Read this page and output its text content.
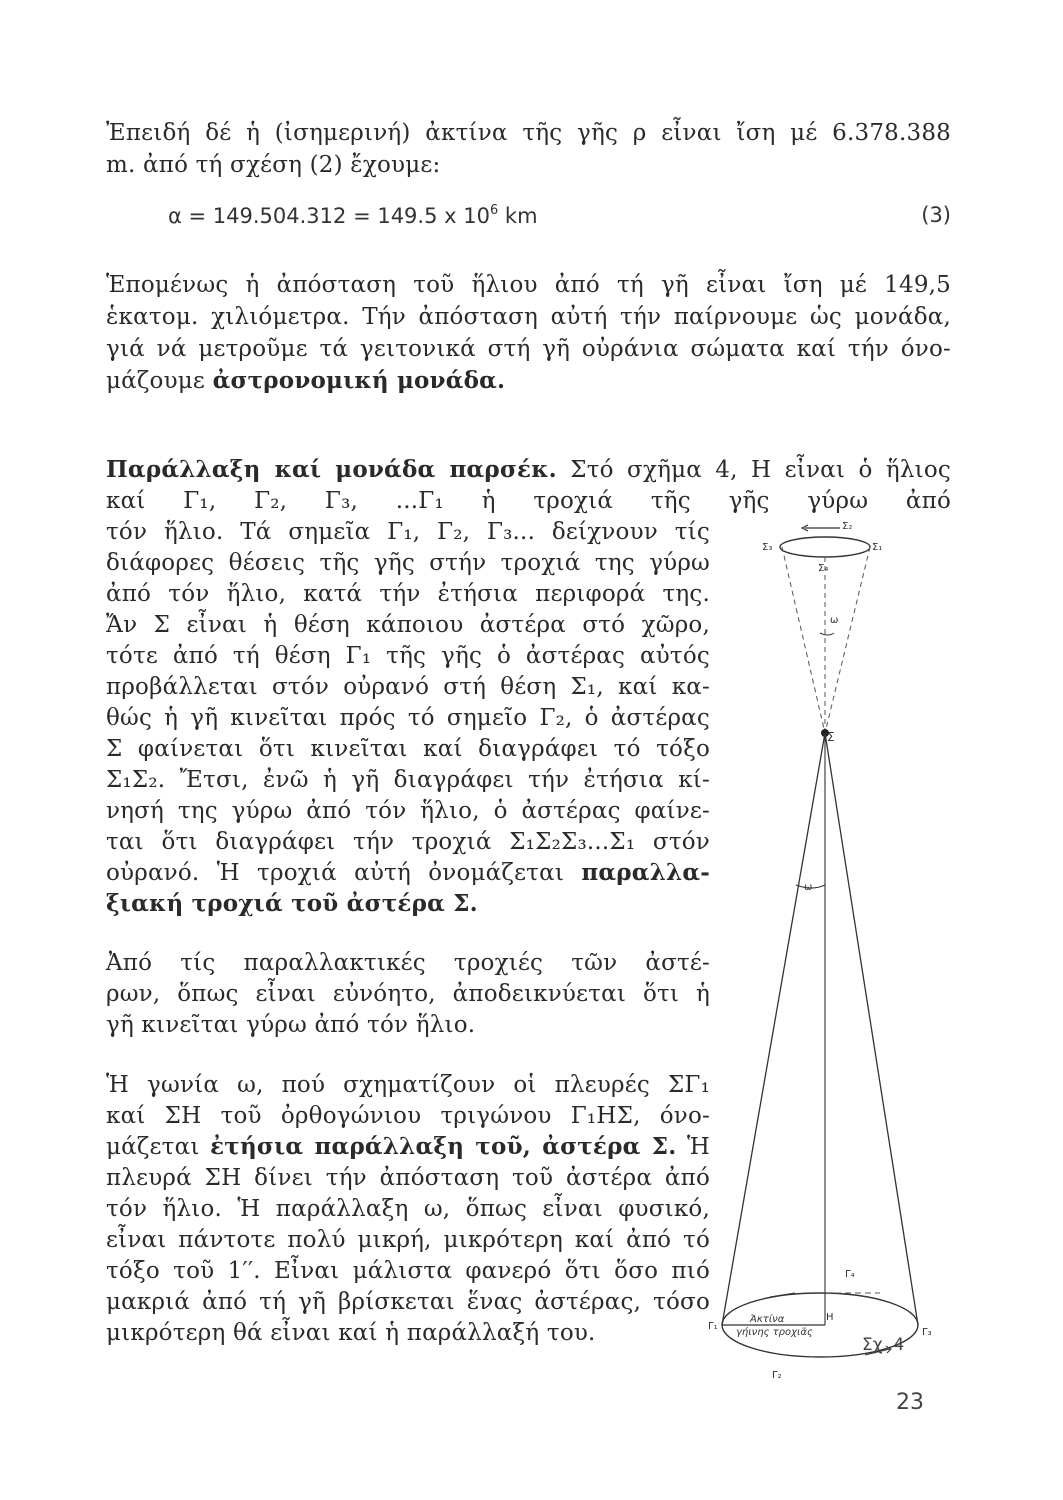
Ἐπειδή δέ ἡ (ἰσημερινή) ἀκτίνα τῆς γῆς ρ εἶναι ἴση μέ 6.378.388
m. ἀπό τή σχέση (2) ἔχουμε:
α = 149.504.312 = 149.5 x $10^6$ km	(3)
Ἑπομένως ἡ ἀπόσταση τοῦ ἥλιου ἀπό τή γῆ εἶναι ἴση μέ 149,5
ἑκατομ. χιλιόμετρα. Τήν ἀπόσταση αὐτή τήν παίρνουμε ὡς μονάδα,
γιά νά μετροῦμε τά γειτονικά στή γῆ οὐράνια σώματα καί τήν όνο-
μάζουμε ἀστρονομική μονάδα.
Παράλλαξη καί μονάδα παρσέκ. Στό σχῆμα 4, Η εἶναι ὁ ἥλιος
καί Γ₁, Γ₂, Γ₃, ...Γ₁ ἡ τροχιά τῆς γῆς γύρω ἀπό
τόν ἥλιο. Τά σημεῖα Γ₁, Γ₂, Γ₃... δείχνουν τίς
διάφορες θέσεις τῆς γῆς στήν τροχιά της γύρω
ἀπό τόν ἥλιο, κατά τήν ἐτήσια περιφορά της.
Ἄν Σ εἶναι ἡ θέση κάποιου ἀστέρα στό χῶρο,
τότε ἀπό τή θέση Γ₁ τῆς γῆς ὁ ἀστέρας αὐτός
προβάλλεται στόν οὐρανό στή θέση Σ₁, καί κα-
θώς ἡ γῆ κινεῖται πρός τό σημεῖο Γ₂, ὁ ἀστέρας
Σ φαίνεται ὅτι κινεῖται καί διαγράφει τό τόξο
Σ₁Σ₂. Ἔτσι, ἐνῶ ἡ γῆ διαγράφει τήν ἐτήσια κί-
νησή της γύρω ἀπό τόν ἥλιο, ὁ ἀστέρας φαίνε-
ται ὅτι διαγράφει τήν τροχιά Σ₁Σ₂Σ₃...Σ₁ στόν
οὐρανό. Ἡ τροχιά αὐτή ὀνομάζεται παραλλα-
ξιακή τροχιά τοῦ ἀστέρα Σ.
Ἀπό τίς παραλλακτικές τροχιές τῶν ἀστέ-
ρων, ὅπως εἶναι εὐνόητο, ἀποδεικνύεται ὅτι ἡ
γῆ κινεῖται γύρω ἀπό τόν ἥλιο.
Ἡ γωνία ω, πού σχηματίζουν οἱ πλευρές ΣΓ₁
καί ΣΗ τοῦ ὀρθογώνιου τριγώνου Γ₁ΗΣ, όνο-
μάζεται ἐτήσια παράλλαξη τοῦ, ἀστέρα Σ. Ἡ
πλευρά ΣΗ δίνει τήν ἀπόσταση τοῦ ἀστέρα ἀπό
τόν ἥλιο. Ἡ παράλλαξη ω, ὅπως εἶναι φυσικό,
εἶναι πάντοτε πολύ μικρή, μικρότερη καί ἀπό τό
τόξο τοῦ 1′′. Εἶναι μάλιστα φανερό ὅτι ὅσο πιό
μακριά ἀπό τή γῆ βρίσκεται ἕνας ἀστέρας, τόσο
μικρότερη θά εἶναι καί ἡ παράλλαξή του.
Σ
Σ₃	Σ₁
Σ₂
Σ₄
ω
ω
Γ₁
Γ₂
Γ₃
Γ₄
Η
Ἀκτίνα
γήινης τροχιᾶς
Σχ. 4
23
